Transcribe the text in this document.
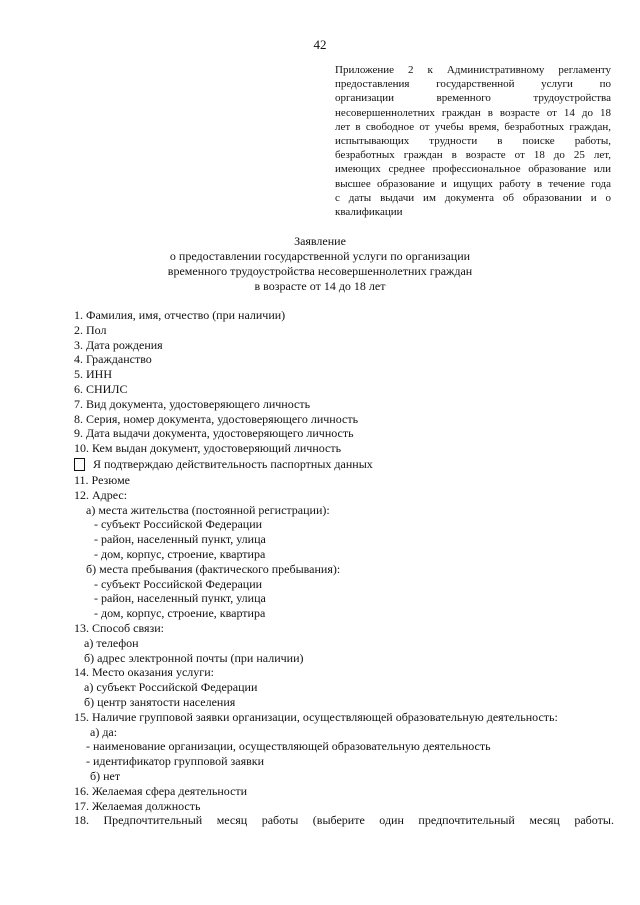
42
Приложение 2 к Административному регламенту
предоставления государственной услуги по
организации временного трудоустройства
несовершеннолетних граждан в возрасте от 14 до 18
лет в свободное от учебы время, безработных граждан,
испытывающих трудности в поиске работы,
безработных граждан в возрасте от 18 до 25 лет,
имеющих среднее профессиональное образование или
высшее образование и ищущих работу в течение года
с даты выдачи им документа об образовании и о
квалификации
Заявление
о предоставлении государственной услуги по организации
временного трудоустройства несовершеннолетних граждан
в возрасте от 14 до 18 лет
1. Фамилия, имя, отчество (при наличии)
2. Пол
3. Дата рождения
4. Гражданство
5. ИНН
6. СНИЛС
7. Вид документа, удостоверяющего личность
8. Серия, номер документа, удостоверяющего личность
9. Дата выдачи документа, удостоверяющего личность
10. Кем выдан документ, удостоверяющий личность
Я подтверждаю действительность паспортных данных
11. Резюме
12. Адрес:
а) места жительства (постоянной регистрации):
- субъект Российской Федерации
- район, населенный пункт, улица
- дом, корпус, строение, квартира
б) места пребывания (фактического пребывания):
- субъект Российской Федерации
- район, населенный пункт, улица
- дом, корпус, строение, квартира
13. Способ связи:
а) телефон
б) адрес электронной почты (при наличии)
14. Место оказания услуги:
а) субъект Российской Федерации
б) центр занятости населения
15. Наличие групповой заявки организации, осуществляющей образовательную деятельность:
а) да:
- наименование организации, осуществляющей образовательную деятельность
- идентификатор групповой заявки
б) нет
16. Желаемая сфера деятельности
17. Желаемая должность
18. Предпочтительный месяц работы (выберите один предпочтительный месяц работы.
